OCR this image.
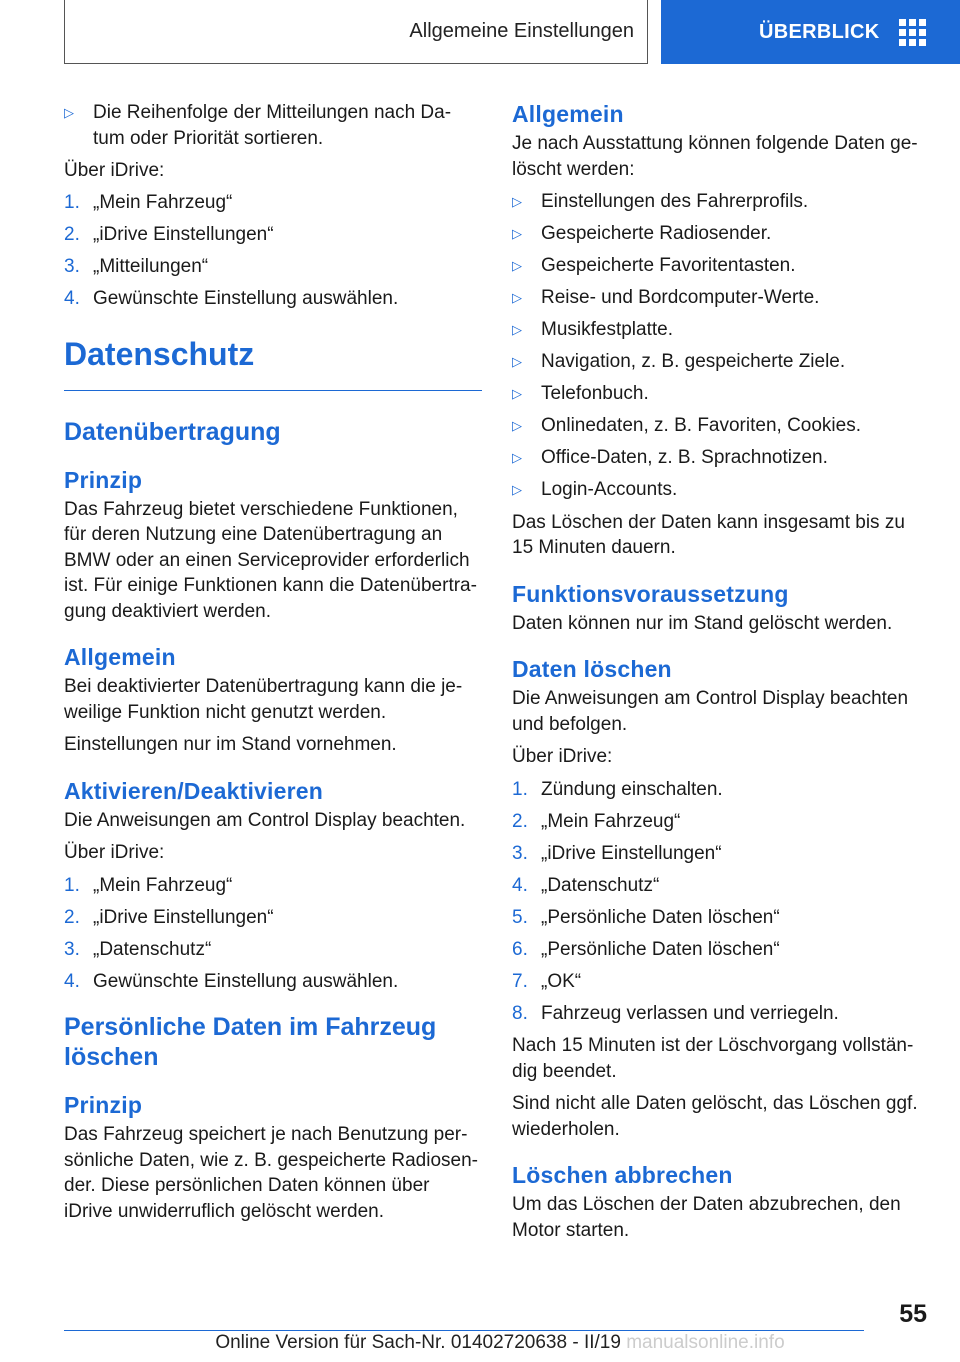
Allgemeine Einstellungen	ÜBERBLICK
▷	Die Reihenfolge der Mitteilungen nach Da-tum oder Priorität sortieren.

Über iDrive:

1. „Mein Fahrzeug“
2. „iDrive Einstellungen“
3. „Mitteilungen“
4. Gewünschte Einstellung auswählen.
Datenschutz
Datenübertragung
Prinzip

Das Fahrzeug bietet verschiedene Funktionen, für deren Nutzung eine Datenübertragung an BMW oder an einen Serviceprovider erforderlich ist. Für einige Funktionen kann die Datenübertra-gung deaktiviert werden.

Allgemein

Bei deaktivierter Datenübertragung kann die je-weilige Funktion nicht genutzt werden.

Einstellungen nur im Stand vornehmen.

Aktivieren/Deaktivieren

Die Anweisungen am Control Display beachten.

Über iDrive:

1. „Mein Fahrzeug“
2. „iDrive Einstellungen“
3. „Datenschutz“
4. Gewünschte Einstellung auswählen.
Persönliche Daten im Fahrzeug löschen
Prinzip

Das Fahrzeug speichert je nach Benutzung per-sönliche Daten, wie z. B. gespeicherte Radiosen-der. Diese persönlichen Daten können über iDrive unwiderruflich gelöscht werden.

Allgemein

Je nach Ausstattung können folgende Daten ge-löscht werden:

▷	Einstellungen des Fahrerprofils.
▷	Gespeicherte Radiosender.
▷	Gespeicherte Favoritentasten.
▷	Reise- und Bordcomputer-Werte.
▷	Musikfestplatte.
▷	Navigation, z. B. gespeicherte Ziele.
▷	Telefonbuch.
▷	Onlinedaten, z. B. Favoriten, Cookies.
▷	Office-Daten, z. B. Sprachnotizen.
▷	Login-Accounts.

Das Löschen der Daten kann insgesamt bis zu 15 Minuten dauern.

Funktionsvoraussetzung

Daten können nur im Stand gelöscht werden.

Daten löschen

Die Anweisungen am Control Display beachten und befolgen.

Über iDrive:

1. Zündung einschalten.
2. „Mein Fahrzeug“
3. „iDrive Einstellungen“
4. „Datenschutz“
5. „Persönliche Daten löschen“
6. „Persönliche Daten löschen“
7. „OK“
8. Fahrzeug verlassen und verriegeln.

Nach 15 Minuten ist der Löschvorgang vollstän-dig beendet.

Sind nicht alle Daten gelöscht, das Löschen ggf. wiederholen.

Löschen abbrechen

Um das Löschen der Daten abzubrechen, den Motor starten.

55
Online Version für Sach-Nr. 01402720638 - II/19 manualsonline.info
